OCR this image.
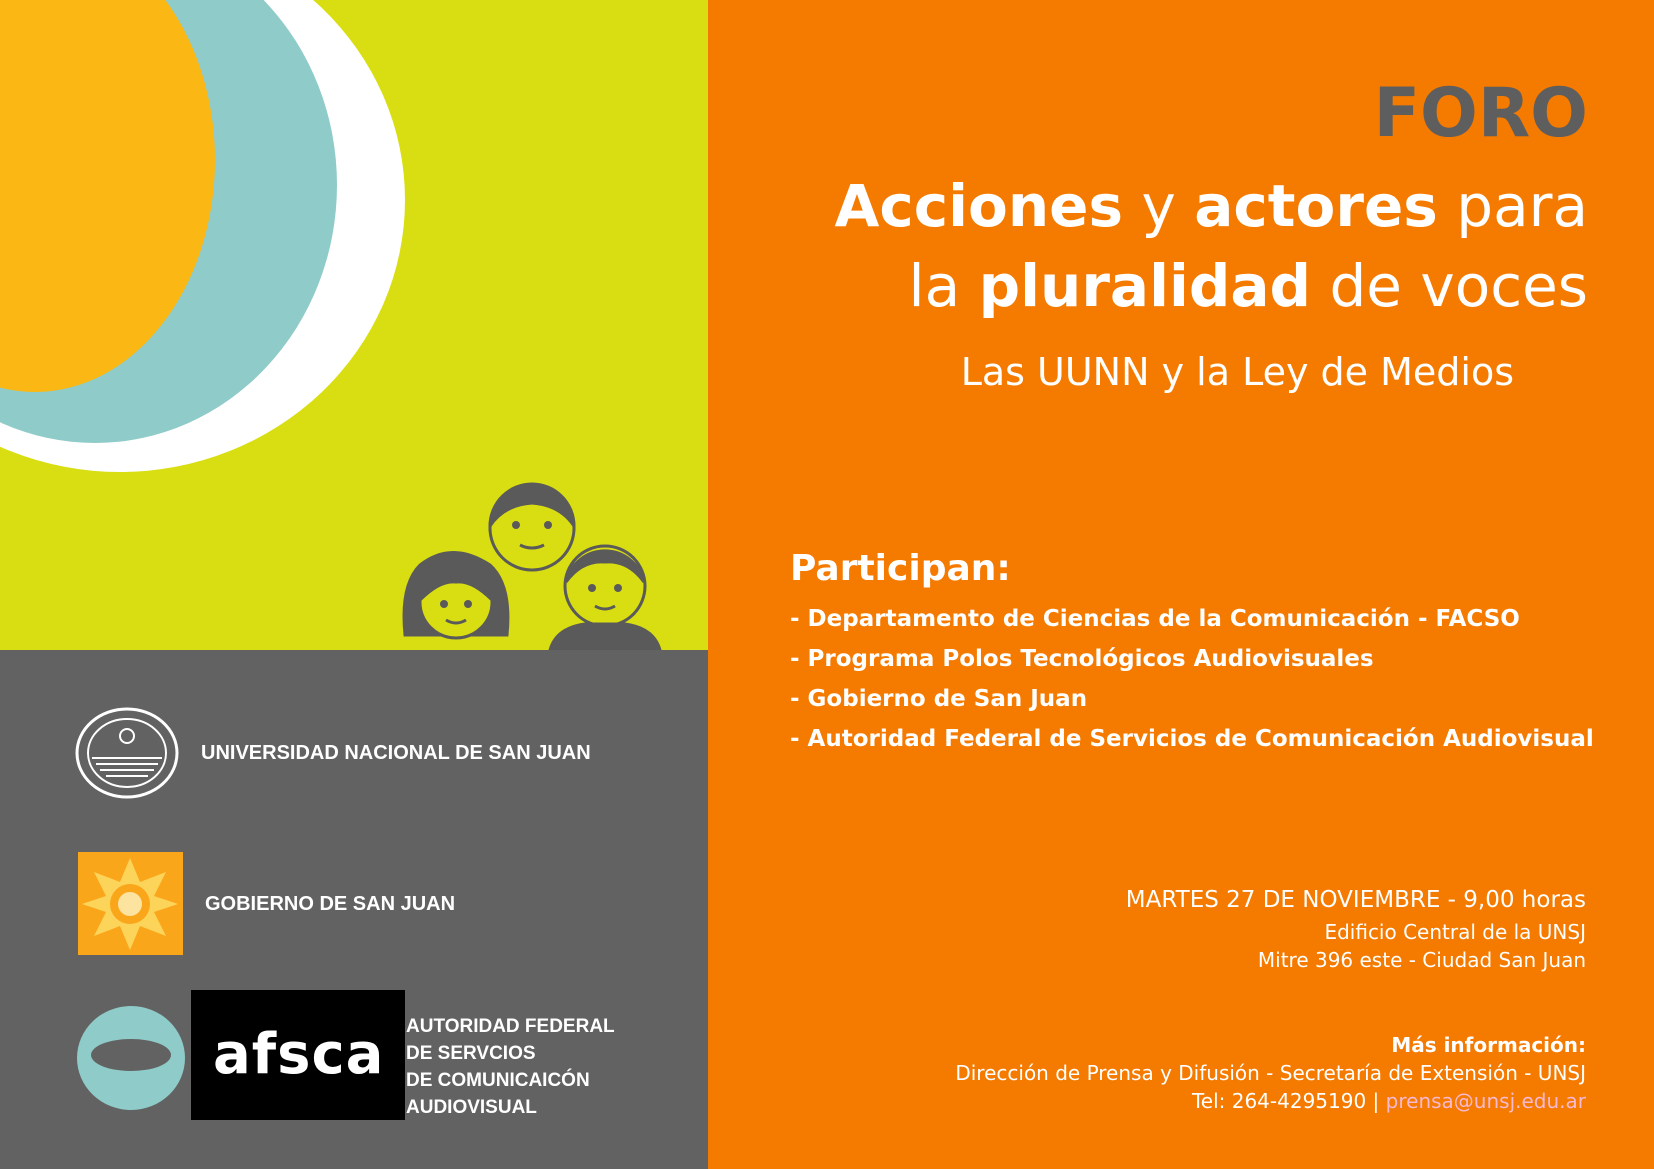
UNIVERSIDAD NACIONAL DE SAN JUAN
GOBIERNO DE SAN JUAN
afsca AUTORIDAD FEDERAL
DE SERVCIOS
DE COMUNICAICÓN
AUDIOVISUAL
FORO
Acciones y actores para
la pluralidad de voces
Las UUNN y la Ley de Medios
Participan:
- Departamento de Ciencias de la Comunicación - FACSO
- Programa Polos Tecnológicos Audiovisuales
- Gobierno de San Juan
- Autoridad Federal de Servicios de Comunicación Audiovisual
MARTES 27 DE NOVIEMBRE - 9,00 horas
Edificio Central de la UNSJ
Mitre 396 este - Ciudad San Juan
Más información:
Dirección de Prensa y Difusión - Secretaría de Extensión - UNSJ
Tel: 264-4295190 | prensa@unsj.edu.ar
